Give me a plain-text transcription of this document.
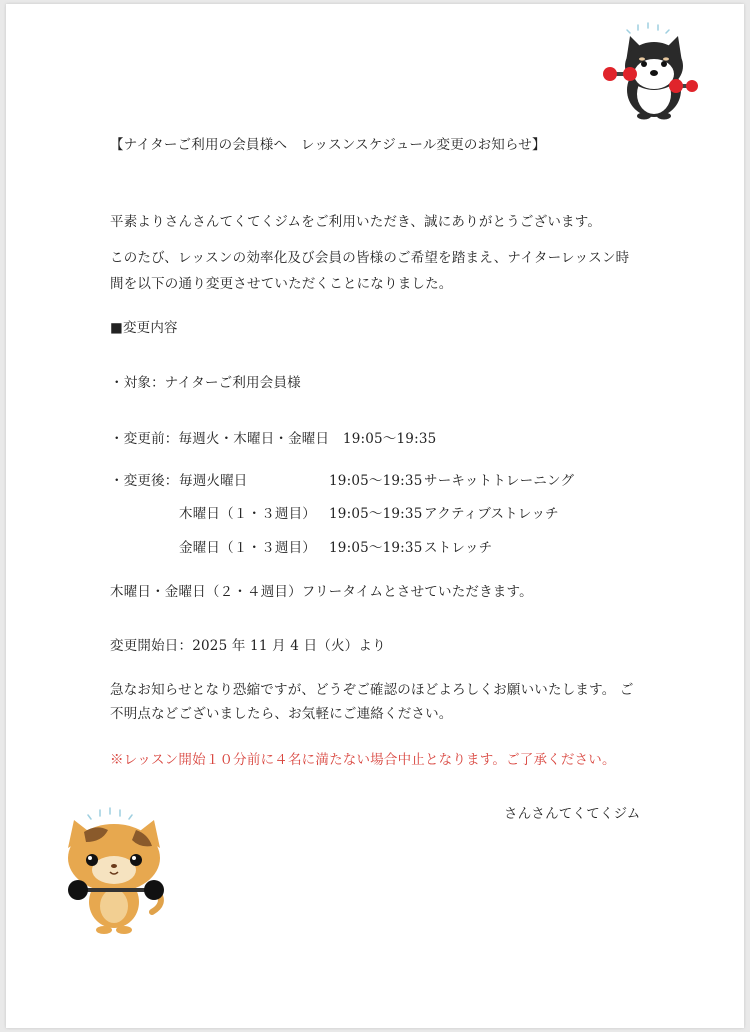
【ナイターご利用の会員様へ　レッスンスケジュール変更のお知らせ】
平素よりさんさんてくてくジムをご利用いただき、誠にありがとうございます。
このたび、レッスンの効率化及び会員の皆様のご希望を踏まえ、ナイターレッスン時
間を以下の通り変更させていただくことになりました。
■変更内容
・対象：ナイターご利用会員様
・変更前：毎週火・木曜日・金曜日　19:05〜19:35
・変更後： 毎週火曜日	19:05〜19:35 サーキットトレーニング
木曜日（１・３週目） 19:05〜19:35 アクティブストレッチ
金曜日（１・３週目） 19:05〜19:35 ストレッチ
木曜日・金曜日（２・４週目）フリータイムとさせていただきます。
変更開始日：2025 年 11 月 4 日（火）より
急なお知らせとなり恐縮ですが、どうぞご確認のほどよろしくお願いいたします。 ご
不明点などございましたら、お気軽にご連絡ください。
※レッスン開始１０分前に４名に満たない場合中止となります。ご了承ください。
さんさんてくてくジム
